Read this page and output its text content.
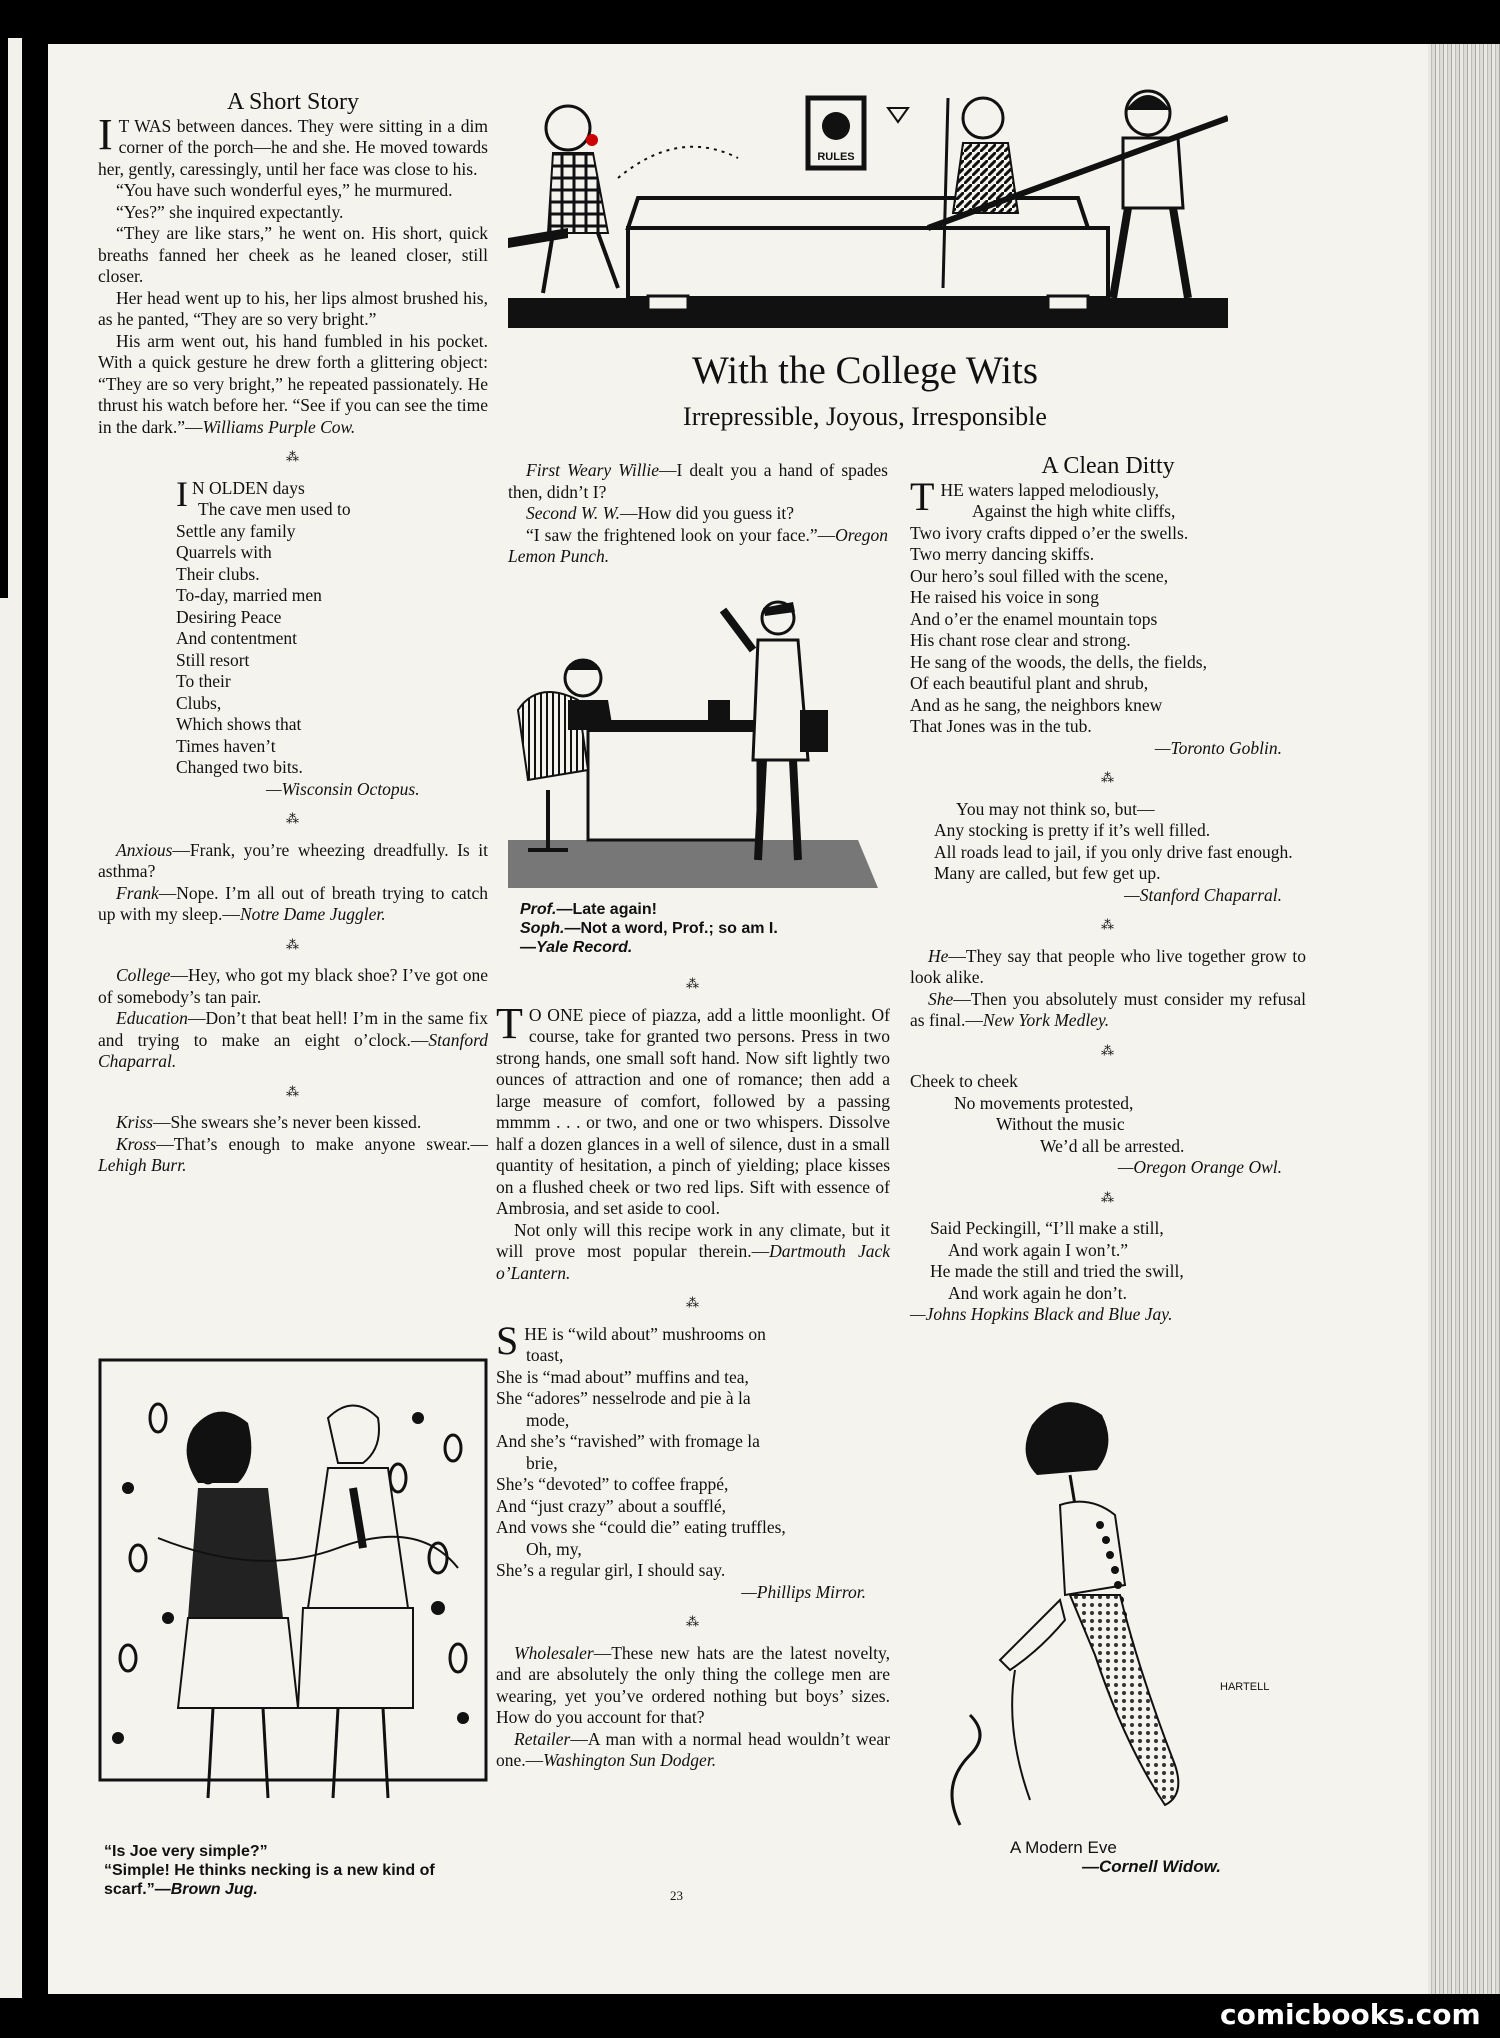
A Short Story

I T WAS between dances. They were sitting in a dim corner of the porch—he and she. He moved towards her, gently, caressingly, until her face was close to his.

“You have such wonderful eyes,” he murmured.

“Yes?” she inquired expectantly.

“They are like stars,” he went on. His short, quick breaths fanned her cheek as he leaned closer, still closer.

Her head went up to his, her lips almost brushed his, as he panted, “They are so very bright.”

His arm went out, his hand fumbled in his pocket. With a quick gesture he drew forth a glittering object: “They are so very bright,” he repeated passionately. He thrust his watch before her. “See if you can see the time in the dark.”—Williams Purple Cow.

⁂
I N OLDEN days
The cave men used to
Settle any family
Quarrels with
Their clubs.
To-day, married men
Desiring Peace
And contentment
Still resort
To their
Clubs,
Which shows that
Times haven’t
Changed two bits.
—Wisconsin Octopus.
⁂

Anxious—Frank, you’re wheezing dreadfully. Is it asthma?

Frank—Nope. I’m all out of breath trying to catch up with my sleep.—Notre Dame Juggler.

⁂

College—Hey, who got my black shoe? I’ve got one of somebody’s tan pair.

Education—Don’t that beat hell! I’m in the same fix and trying to make an eight o’clock.—Stanford Chaparral.

⁂

Kriss—She swears she’s never been kissed.

Kross—That’s enough to make anyone swear.—Lehigh Burr.

“Is Joe very simple?”
“Simple! He thinks necking is a new kind of scarf.”—Brown Jug.
RULES
With the College Wits
Irrepressible, Joyous, Irresponsible

First Weary Willie—I dealt you a hand of spades then, didn’t I?

Second W. W.—How did you guess it?

“I saw the frightened look on your face.”—Oregon Lemon Punch.

Prof.—Late again!
Soph.—Not a word, Prof.; so am I.
—Yale Record.
⁂

T O ONE piece of piazza, add a little moonlight. Of course, take for granted two persons. Press in two strong hands, one small soft hand. Now sift lightly two ounces of attraction and one of romance; then add a large measure of comfort, followed by a passing mmmm . . . or two, and one or two whispers. Dissolve half a dozen glances in a well of silence, dust in a small quantity of hesitation, a pinch of yielding; place kisses on a flushed cheek or two red lips. Sift with essence of Ambrosia, and set aside to cool.

Not only will this recipe work in any climate, but it will prove most popular therein.—Dartmouth Jack o’Lantern.

⁂
SHE is “wild about” mushrooms on
toast,
She is “mad about” muffins and tea,
She “adores” nesselrode and pie à la
mode,
And she’s “ravished” with fromage la
brie,
She’s “devoted” to coffee frappé,
And “just crazy” about a soufflé,
And vows she “could die” eating truffles,
Oh, my,
She’s a regular girl, I should say.
—Phillips Mirror.
⁂

Wholesaler—These new hats are the latest novelty, and are absolutely the only thing the college men are wearing, yet you’ve ordered nothing but boys’ sizes. How do you account for that?

Retailer—A man with a normal head wouldn’t wear one.—Washington Sun Dodger.

A Clean Ditty
THE waters lapped melodiously,
Against the high white cliffs,
Two ivory crafts dipped o’er the swells.
Two merry dancing skiffs.
Our hero’s soul filled with the scene,
He raised his voice in song
And o’er the enamel mountain tops
His chant rose clear and strong.
He sang of the woods, the dells, the fields,
Of each beautiful plant and shrub,
And as he sang, the neighbors knew
That Jones was in the tub.
—Toronto Goblin.
⁂
You may not think so, but—
Any stocking is pretty if it’s well filled.
All roads lead to jail, if you only drive fast enough.
Many are called, but few get up.
—Stanford Chaparral.
⁂

He—They say that people who live together grow to look alike.

She—Then you absolutely must consider my refusal as final.—New York Medley.

⁂
Cheek to cheek
No movements protested,
Without the music
We’d all be arrested.
—Oregon Orange Owl.
⁂
Said Peckingill, “I’ll make a still,
And work again I won’t.”
He made the still and tried the swill,
And work again he don’t.
—Johns Hopkins Black and Blue Jay.
HARTELL
A Modern Eve
—Cornell Widow.
23
comicbooks.com
